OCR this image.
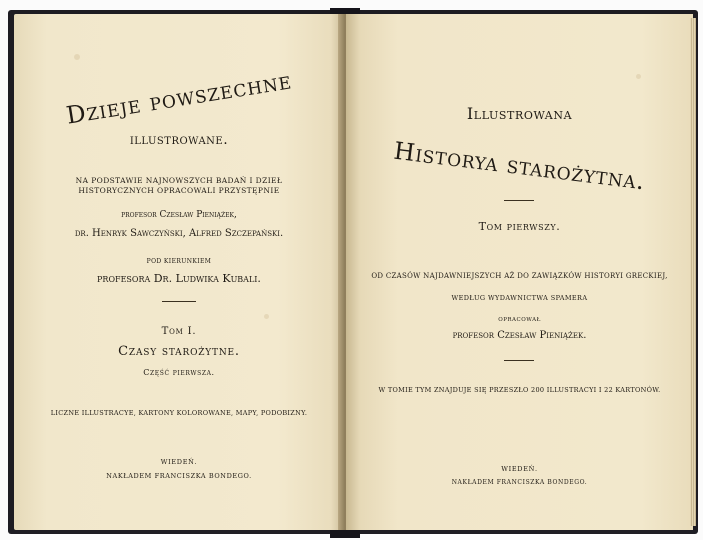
Dzieje powszechne
illustrowane.
NA PODSTAWIE NAJNOWSZYCH BADAŃ I DZIEŁ HISTORYCZNYCH OPRACOWALI PRZYSTĘPNIE
profesor Czesław Pieniążek,
dr. Henryk Sawczyński, Alfred Szczepański.
POD KIERUNKIEM
profesora Dr. Ludwika Kubali.
Tom I.
Czasy starożytne.
Część pierwsza.
LICZNE ILLUSTRACYE, KARTONY KOLOROWANE, MAPY, PODOBIZNY.
WIEDEŃ.
NAKŁADEM FRANCISZKA BONDEGO.
Illustrowana
Historya starożytna.
Tom pierwszy.
OD CZASÓW NAJDAWNIEJSZYCH AŻ DO ZAWIĄZKÓW HISTORYI GRECKIEJ,
WEDŁUG WYDAWNICTWA SPAMERA
OPRACOWAŁ
profesor Czesław Pieniążek.
W TOMIE TYM ZNAJDUJE SIĘ PRZESZŁO 200 ILLUSTRACYI I 22 KARTONÓW.
WIEDEŃ.
NAKŁADEM FRANCISZKA BONDEGO.
